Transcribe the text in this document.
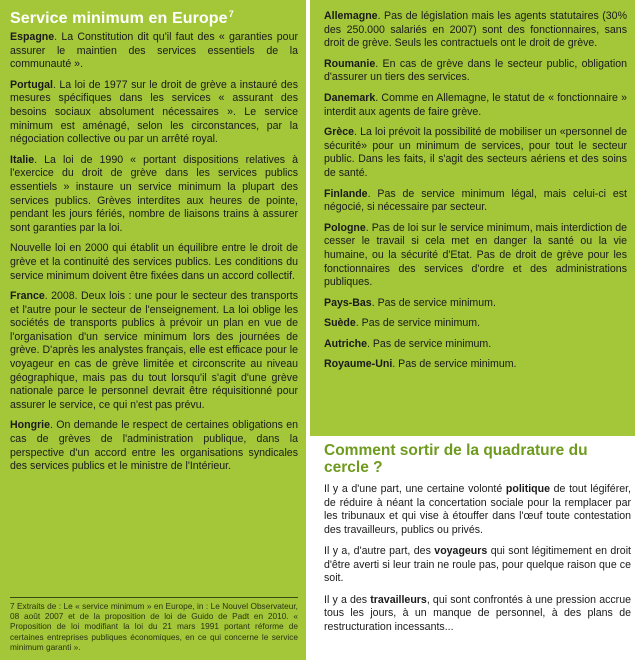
Service minimum en Europe$^7$

Espagne. La Constitution dit qu'il faut des « garanties pour assurer le maintien des services essentiels de la communauté ».

Portugal. La loi de 1977 sur le droit de grève a instauré des mesures spécifiques dans les services « assurant des besoins sociaux absolument nécessaires ». Le service minimum est aménagé, selon les circonstances, par la négociation collective ou par un arrêté royal.

Italie. La loi de 1990 « portant dispositions relatives à l'exercice du droit de grève dans les services publics essentiels » instaure un service minimum la plupart des services publics. Grèves interdites aux heures de pointe, pendant les jours fériés, nombre de liaisons trains à assurer sont garanties par la loi.

Nouvelle loi en 2000 qui établit un équilibre entre le droit de grève et la continuité des services publics. Les conditions du service minimum doivent être fixées dans un accord collectif.

France. 2008. Deux lois : une pour le secteur des transports et l'autre pour le secteur de l'enseignement. La loi oblige les sociétés de transports publics à prévoir un plan en vue de l'organisation d'un service minimum lors des journées de grève. D'après les analystes français, elle est efficace pour le voyageur en cas de grève limitée et circonscrite au niveau géographique, mais pas du tout lorsqu'il s'agit d'une grève nationale parce le personnel devrait être réquisitionné pour assurer le service, ce qui n'est pas prévu.

Hongrie. On demande le respect de certaines obligations en cas de grèves de l'administration publique, dans la perspective d'un accord entre les organisations syndicales des services publics et le ministre de l'Intérieur.

7 Extraits de : Le « service minimum » en Europe, in : Le Nouvel Observateur, 08 août 2007 et de la proposition de loi de Guido de Padt en 2010. « Proposition de loi modifiant la loi du 21 mars 1991 portant réforme de certaines entreprises publiques économiques, en ce qui concerne le service minimum garanti ».

Allemagne. Pas de législation mais les agents statutaires (30% des 250.000 salariés en 2007) sont des fonctionnaires, sans droit de grève. Seuls les contractuels ont le droit de grève.

Roumanie. En cas de grève dans le secteur public, obligation d'assurer un tiers des services.

Danemark. Comme en Allemagne, le statut de « fonctionnaire » interdit aux agents de faire grève.

Grèce. La loi prévoit la possibilité de mobiliser un «personnel de sécurité» pour un minimum de services, pour tout le secteur public. Dans les faits, il s'agit des secteurs aériens et des soins de santé.

Finlande. Pas de service minimum légal, mais celui-ci est négocié, si nécessaire par secteur.

Pologne. Pas de loi sur le service minimum, mais interdiction de cesser le travail si cela met en danger la santé ou la vie humaine, ou la sécurité d'Etat. Pas de droit de grève pour les fonctionnaires des services d'ordre et des administrations publiques.

Pays-Bas. Pas de service minimum.

Suède. Pas de service minimum.

Autriche. Pas de service minimum.

Royaume-Uni. Pas de service minimum.

Comment sortir de la quadrature du cercle ?

Il y a d'une part, une certaine volonté politique de tout légiférer, de réduire à néant la concertation sociale pour la remplacer par les tribunaux et qui vise à étouffer dans l'œuf toute contestation des travailleurs, publics ou privés.

Il y a, d'autre part, des voyageurs qui sont légitimement en droit d'être averti si leur train ne roule pas, pour quelque raison que ce soit.

Il y a des travailleurs, qui sont confrontés à une pression accrue tous les jours, à un manque de personnel, à des plans de restructuration incessants...
